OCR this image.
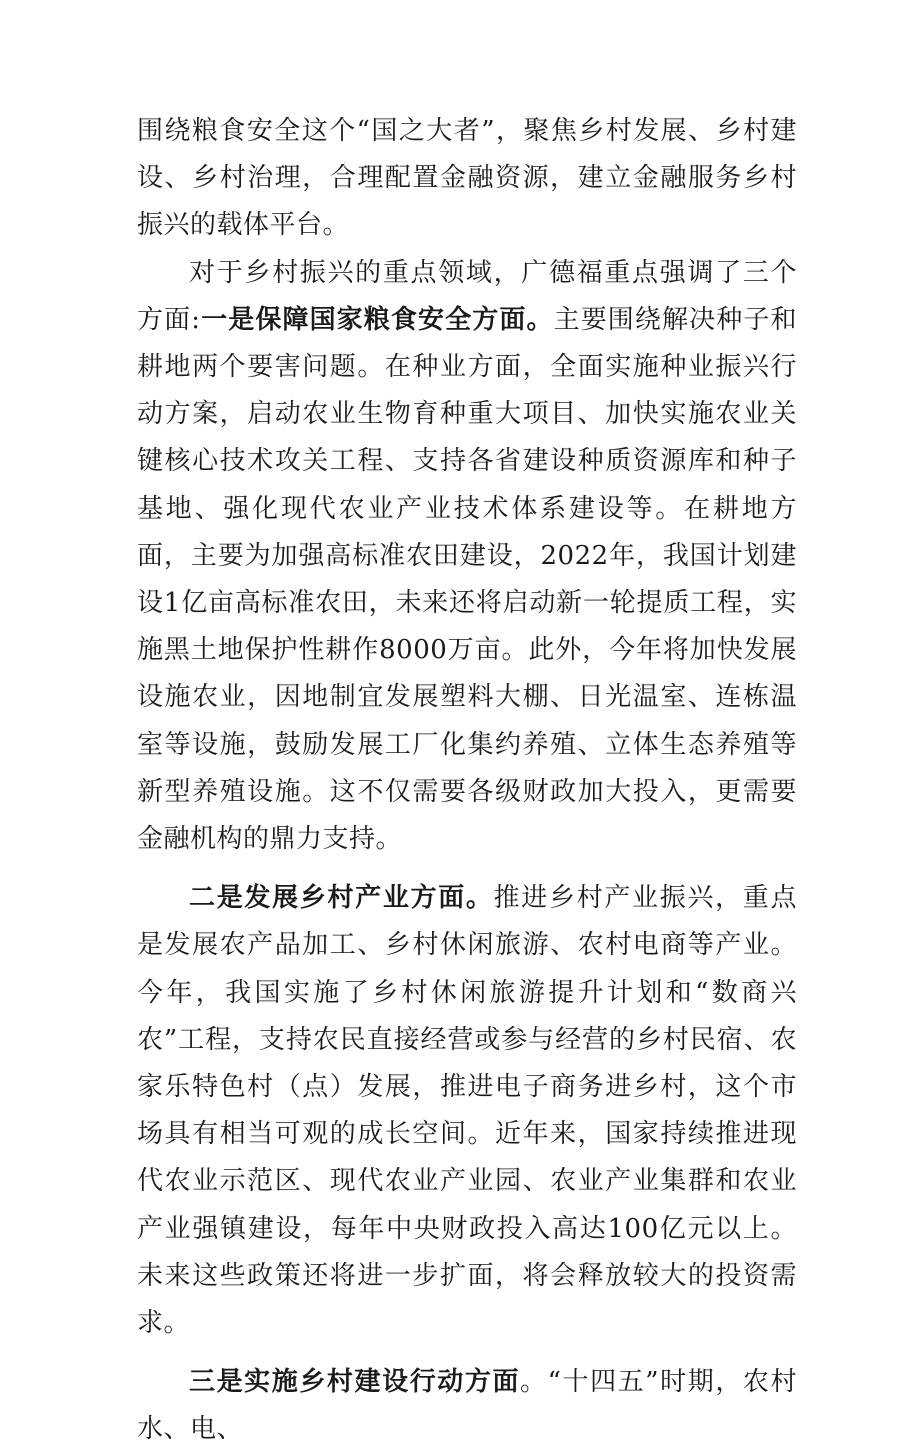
围绕粮食安全这个“国之大者”，聚焦乡村发展、乡村建设、乡村治理，合理配置金融资源，建立金融服务乡村振兴的载体平台。

对于乡村振兴的重点领域，广德福重点强调了三个方面:一是保障国家粮食安全方面。主要围绕解决种子和耕地两个要害问题。在种业方面，全面实施种业振兴行动方案，启动农业生物育种重大项目、加快实施农业关键核心技术攻关工程、支持各省建设种质资源库和种子基地、强化现代农业产业技术体系建设等。在耕地方面，主要为加强高标准农田建设，2022年，我国计划建设1亿亩高标准农田，未来还将启动新一轮提质工程，实施黑土地保护性耕作8000万亩。此外，今年将加快发展设施农业，因地制宜发展塑料大棚、日光温室、连栋温室等设施，鼓励发展工厂化集约养殖、立体生态养殖等新型养殖设施。这不仅需要各级财政加大投入，更需要金融机构的鼎力支持。

二是发展乡村产业方面。推进乡村产业振兴，重点是发展农产品加工、乡村休闲旅游、农村电商等产业。今年，我国实施了乡村休闲旅游提升计划和“数商兴农”工程，支持农民直接经营或参与经营的乡村民宿、农家乐特色村（点）发展，推进电子商务进乡村，这个市场具有相当可观的成长空间。近年来，国家持续推进现代农业示范区、现代农业产业园、农业产业集群和农业产业强镇建设，每年中央财政投入高达100亿元以上。未来这些政策还将进一步扩面，将会释放较大的投资需求。

三是实施乡村建设行动方面。“十四五”时期，农村水、电、
